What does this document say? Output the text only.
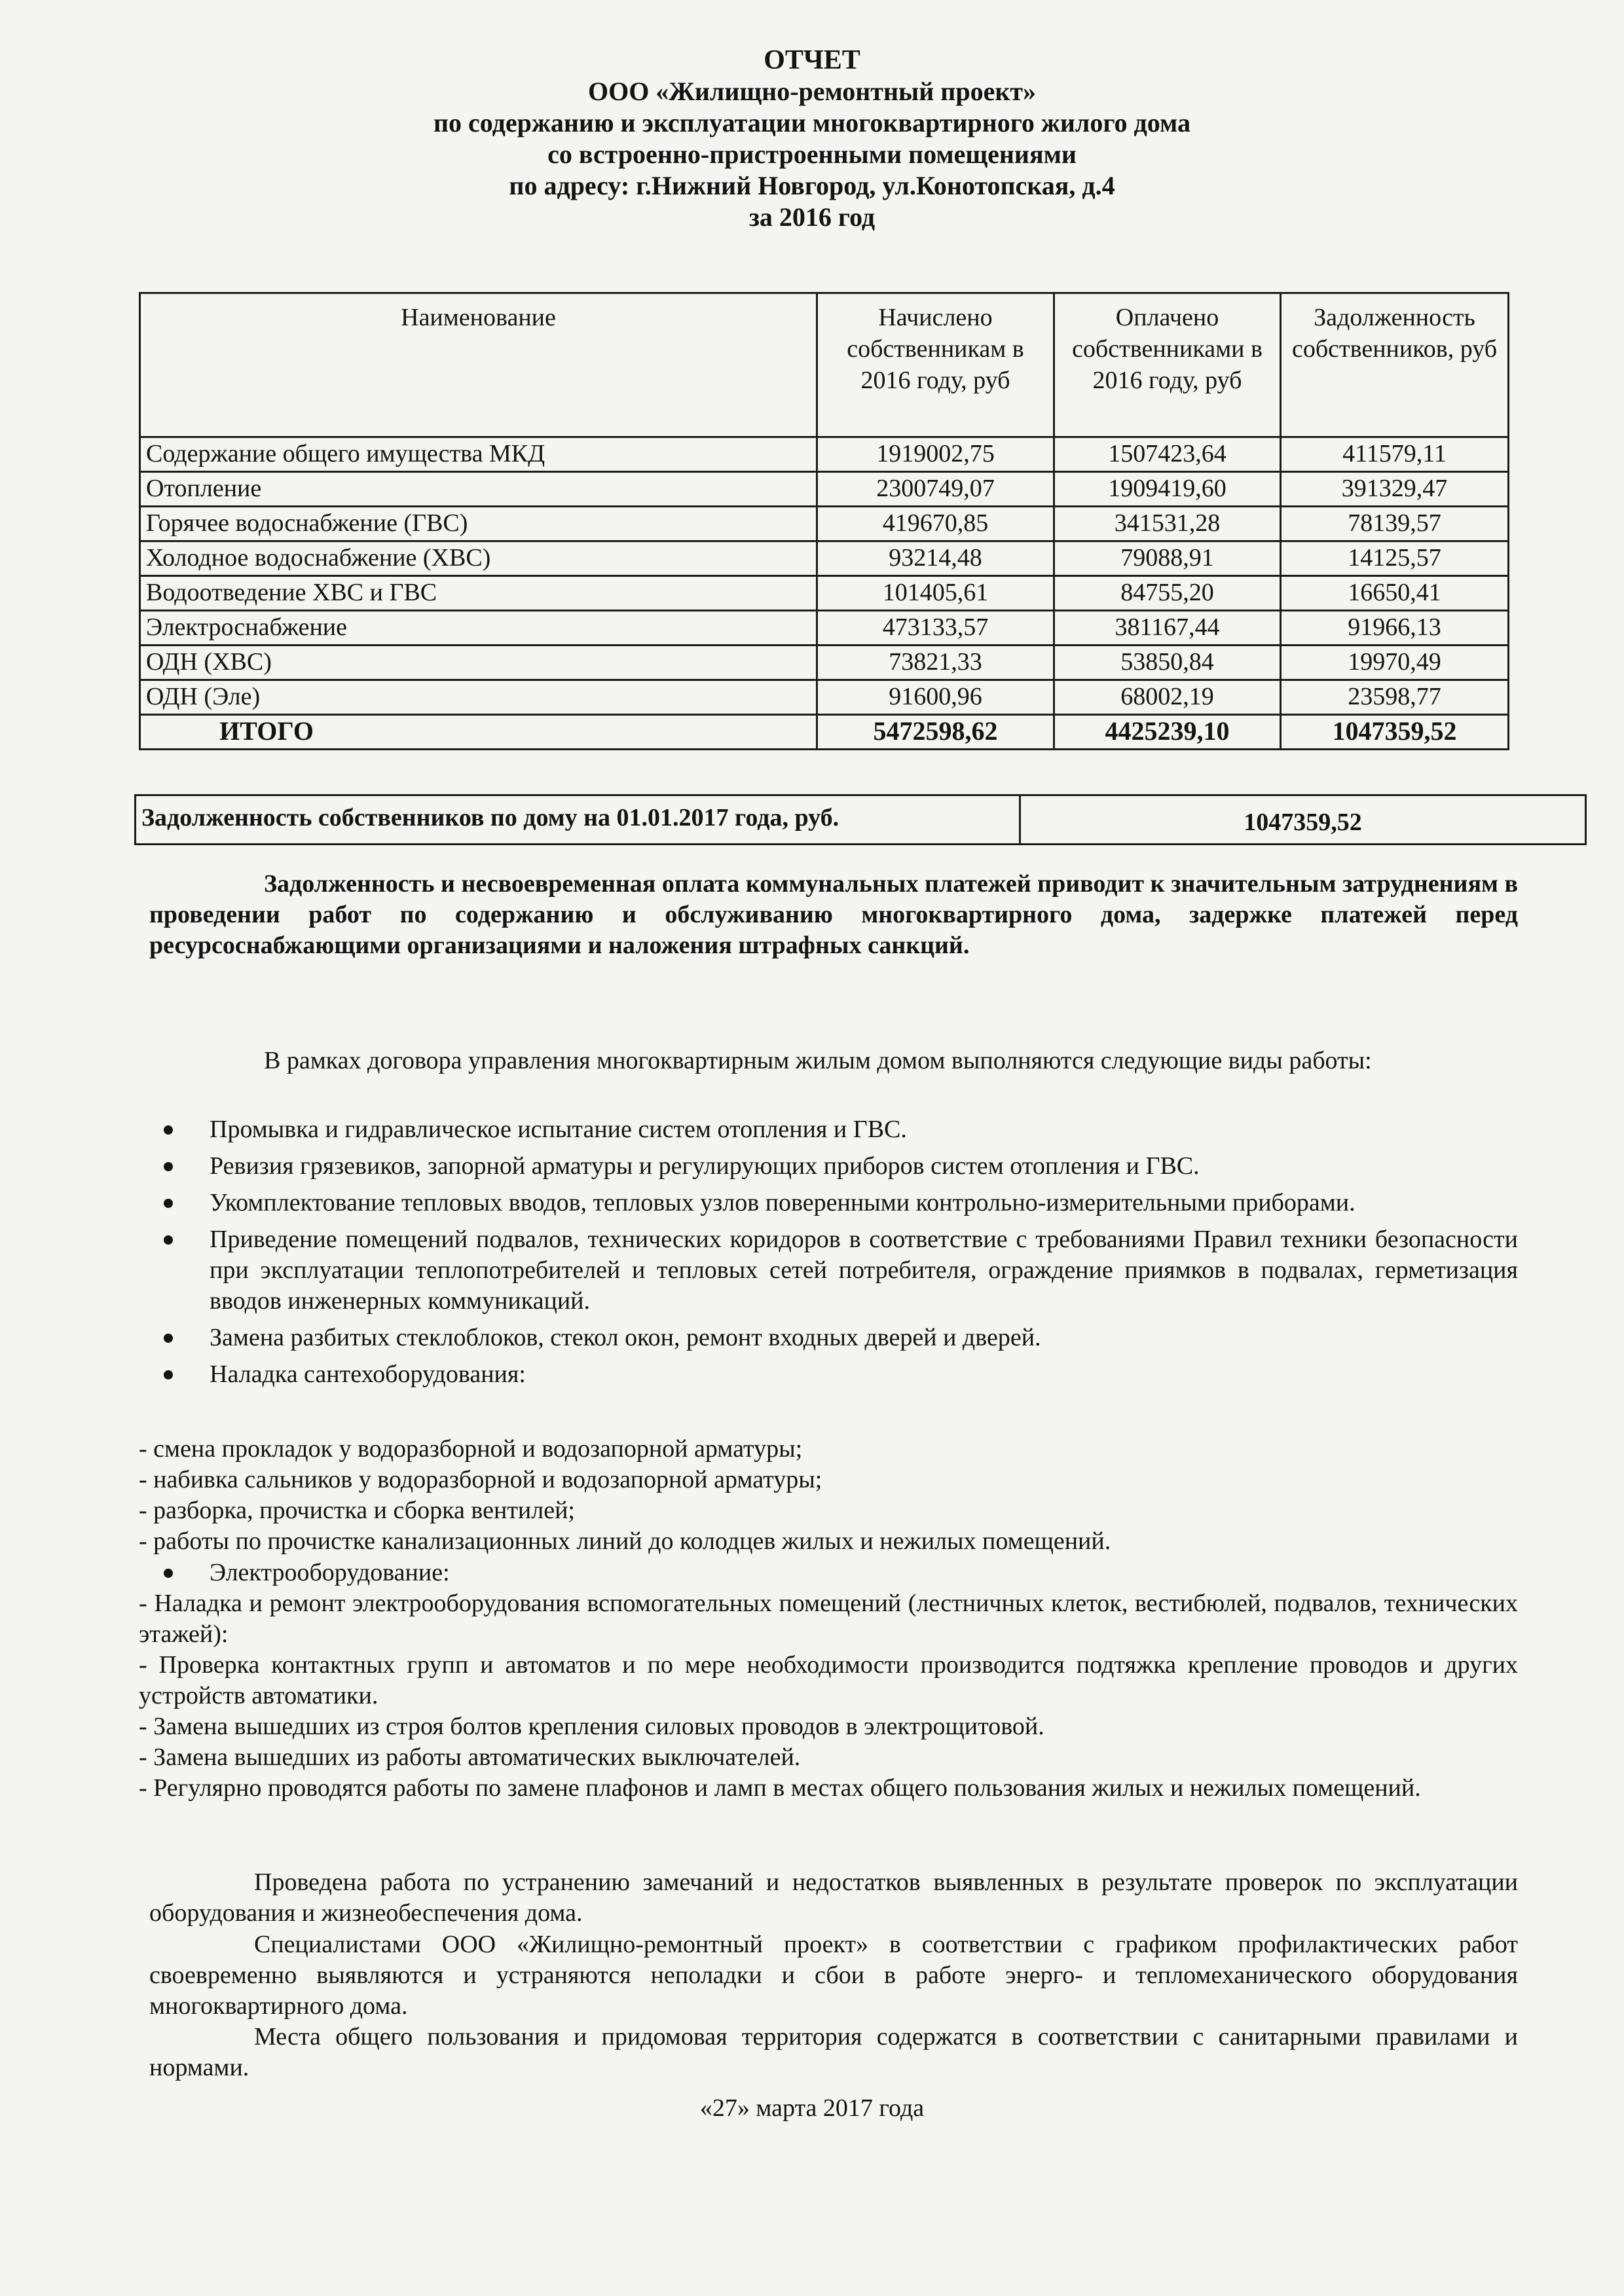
ОТЧЕТ
ООО «Жилищно-ремонтный проект»
по содержанию и эксплуатации многоквартирного жилого дома
со встроенно-пристроенными помещениями
по адресу: г.Нижний Новгород, ул.Конотопская, д.4
за 2016 год
Наименование	Начислено собственникам в 2016 году, руб	Оплачено собственниками в 2016 году, руб	Задолженность собственников, руб
Содержание общего имущества МКД	1919002,75	1507423,64	411579,11
Отопление	2300749,07	1909419,60	391329,47
Горячее водоснабжение (ГВС)	419670,85	341531,28	78139,57
Холодное водоснабжение (ХВС)	93214,48	79088,91	14125,57
Водоотведение ХВС и ГВС	101405,61	84755,20	16650,41
Электроснабжение	473133,57	381167,44	91966,13
ОДН (ХВС)	73821,33	53850,84	19970,49
ОДН (Эле)	91600,96	68002,19	23598,77
ИТОГО	5472598,62	4425239,10	1047359,52
Задолженность собственников по дому на 01.01.2017 года, руб.	1047359,52
Задолженность и несвоевременная оплата коммунальных платежей приводит к значительным затруднениям в проведении работ по содержанию и обслуживанию многоквартирного дома, задержке платежей перед ресурсоснабжающими организациями и наложения штрафных санкций.
В рамках договора управления многоквартирным жилым домом выполняются следующие виды работы:
Промывка и гидравлическое испытание систем отопления и ГВС.
Ревизия грязевиков, запорной арматуры и регулирующих приборов систем отопления и ГВС.
Укомплектование тепловых вводов, тепловых узлов поверенными контрольно-измерительными приборами.
Приведение помещений подвалов, технических коридоров в соответствие с требованиями Правил техники безопасности при эксплуатации теплопотребителей и тепловых сетей потребителя, ограждение приямков в подвалах, герметизация вводов инженерных коммуникаций.
Замена разбитых стеклоблоков, стекол окон, ремонт входных дверей и дверей.
Наладка сантехоборудования:
- смена прокладок у водоразборной и водозапорной арматуры;
- набивка сальников у водоразборной и водозапорной арматуры;
- разборка, прочистка и сборка вентилей;
- работы по прочистке канализационных линий до колодцев жилых и нежилых помещений.
Электрооборудование:
- Наладка и ремонт электрооборудования вспомогательных помещений (лестничных клеток, вестибюлей, подвалов, технических этажей):
- Проверка контактных групп и автоматов и по мере необходимости производится подтяжка крепление проводов и других устройств автоматики.
- Замена вышедших из строя болтов крепления силовых проводов в электрощитовой.
- Замена вышедших из работы автоматических выключателей.
- Регулярно проводятся работы по замене плафонов и ламп в местах общего пользования жилых и нежилых помещений.
Проведена работа по устранению замечаний и недостатков выявленных в результате проверок по эксплуатации оборудования и жизнеобеспечения дома.
Специалистами ООО «Жилищно-ремонтный проект» в соответствии с графиком профилактических работ своевременно выявляются и устраняются неполадки и сбои в работе энерго- и тепломеханического оборудования многоквартирного дома.
Места общего пользования и придомовая территория содержатся в соответствии с санитарными правилами и нормами.
«27» марта 2017 года
